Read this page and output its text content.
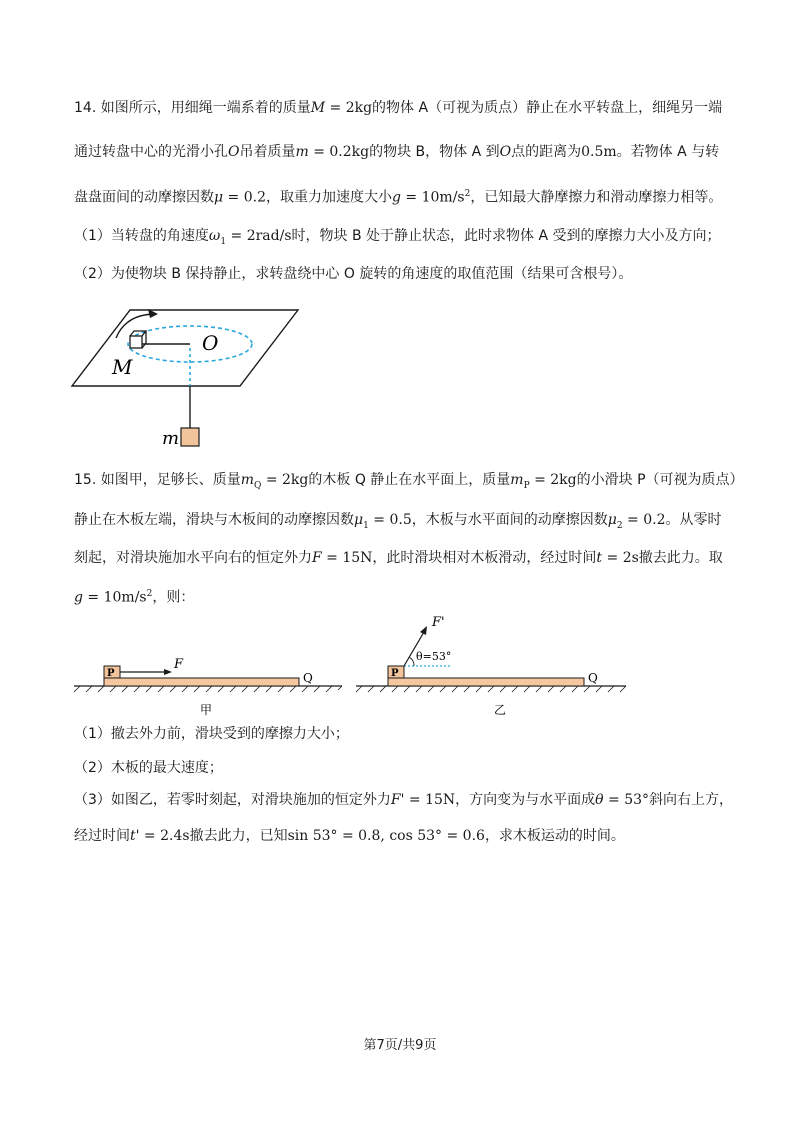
14. 如图所示，用细绳一端系着的质量M = 2kg的物体 A（可视为质点）静止在水平转盘上，细绳另一端
通过转盘中心的光滑小孔O吊着质量m = 0.2kg的物块 B，物体 A 到O点的距离为0.5m。若物体 A 与转
盘盘面间的动摩擦因数μ = 0.2，取重力加速度大小$g = 10m/s^2$，已知最大静摩擦力和滑动摩擦力相等。
（1）当转盘的角速度$\omega_1 = 2rad/s$时，物块 B 处于静止状态，此时求物体 A 受到的摩擦力大小及方向；
（2）为使物块 B 保持静止，求转盘绕中心 O 旋转的角速度的取值范围（结果可含根号）。
O
M
m
15. 如图甲，足够长、质量$m_Q = 2kg$的木板 Q 静止在水平面上，质量$m_P = 2kg$的小滑块 P（可视为质点）
静止在木板左端，滑块与木板间的动摩擦因数$\mu_1 = 0.5$，木板与水平面间的动摩擦因数$\mu_2 = 0.2$。从零时
刻起，对滑块施加水平向右的恒定外力F = 15N，此时滑块相对木板滑动，经过时间t = 2s撤去此力。取
$g = 10m/s^2$，则：
P
F
Q
甲
P
F'
θ=53°
Q
乙
（1）撤去外力前，滑块受到的摩擦力大小；
（2）木板的最大速度；
（3）如图乙，若零时刻起，对滑块施加的恒定外力F' = 15N，方向变为与水平面成θ = 53°斜向右上方，
经过时间t' = 2.4s撤去此力，已知sin 53° = 0.8, cos 53° = 0.6，求木板运动的时间。
第7页/共9页
